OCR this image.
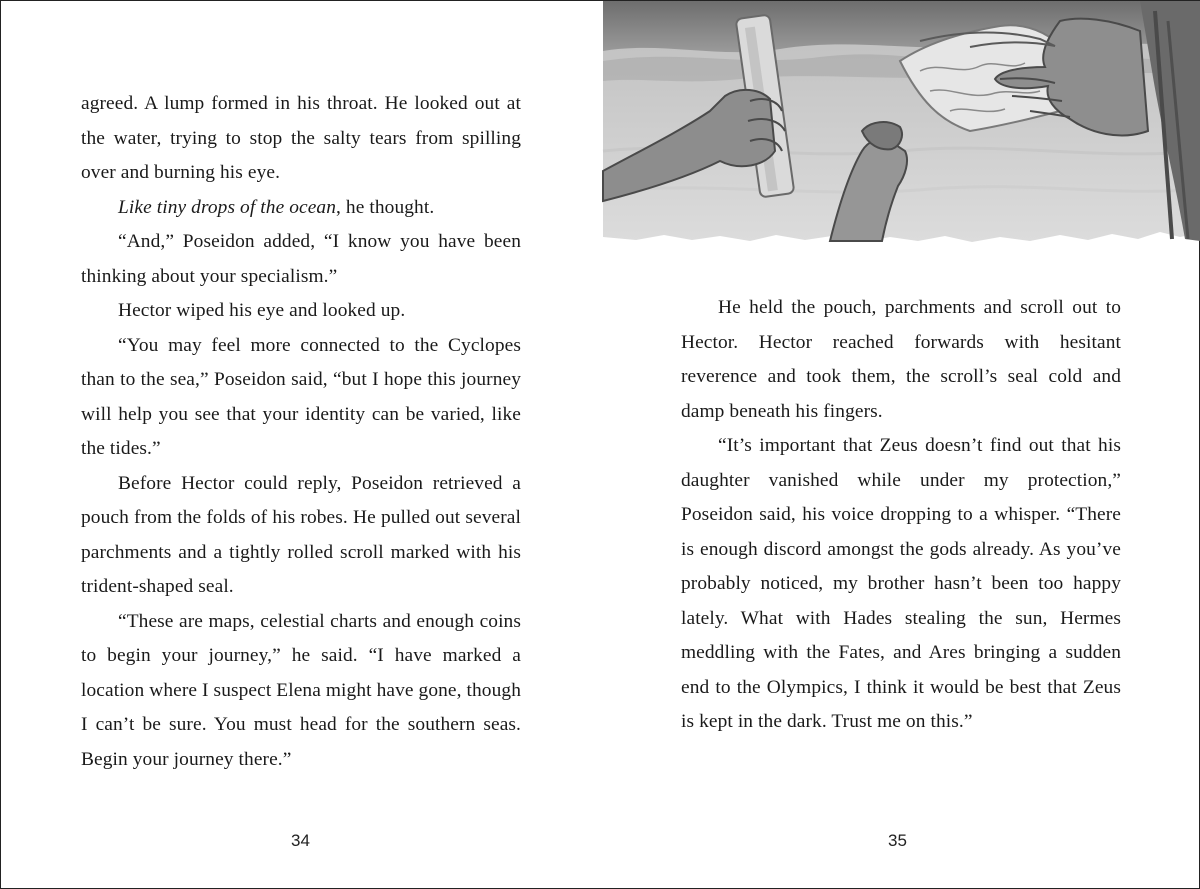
agreed. A lump formed in his throat. He looked out at the water, trying to stop the salty tears from spilling over and burning his eye.

Like tiny drops of the ocean, he thought.

“And,” Poseidon added, “I know you have been thinking about your specialism.”

Hector wiped his eye and looked up.

“You may feel more connected to the Cyclopes than to the sea,” Poseidon said, “but I hope this journey will help you see that your identity can be varied, like the tides.”

Before Hector could reply, Poseidon retrieved a pouch from the folds of his robes. He pulled out several parchments and a tightly rolled scroll marked with his trident-shaped seal.

“These are maps, celestial charts and enough coins to begin your journey,” he said. “I have marked a location where I suspect Elena might have gone, though I can’t be sure. You must head for the southern seas. Begin your journey there.”

34

He held the pouch, parchments and scroll out to Hector. Hector reached forwards with hesitant reverence and took them, the scroll’s seal cold and damp beneath his fingers.

“It’s important that Zeus doesn’t find out that his daughter vanished while under my protection,” Poseidon said, his voice dropping to a whisper. “There is enough discord amongst the gods already. As you’ve probably noticed, my brother hasn’t been too happy lately. What with Hades stealing the sun, Hermes meddling with the Fates, and Ares bringing a sudden end to the Olympics, I think it would be best that Zeus is kept in the dark. Trust me on this.”

35
